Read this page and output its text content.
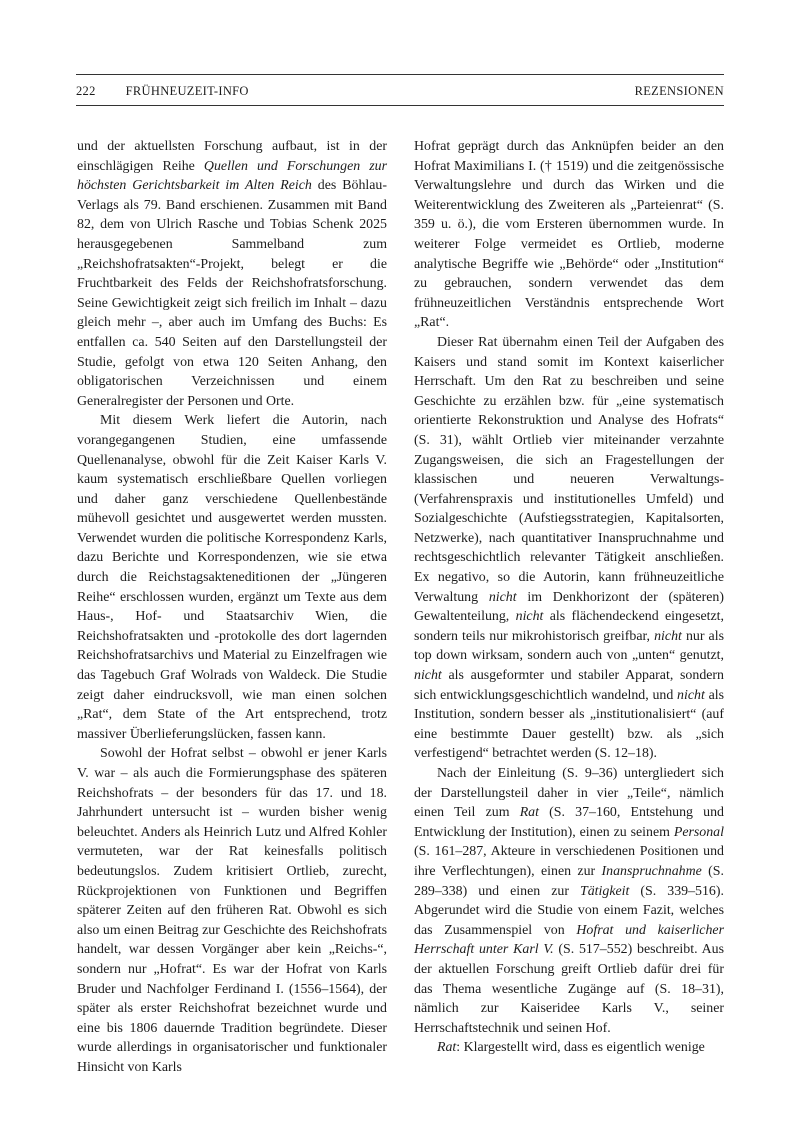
222 FRÜHNEUZEIT-INFO	REZENSIONEN

und der aktuellsten Forschung aufbaut, ist in der einschlägigen Reihe Quellen und Forschungen zur höchsten Gerichtsbarkeit im Alten Reich des Böhlau-Verlags als 79. Band erschienen. Zusammen mit Band 82, dem von Ulrich Rasche und Tobias Schenk 2025 herausgegebenen Sammelband zum „Reichshofratsakten“-Projekt, belegt er die Fruchtbarkeit des Felds der Reichshofratsforschung. Seine Gewichtigkeit zeigt sich freilich im Inhalt – dazu gleich mehr –, aber auch im Umfang des Buchs: Es entfallen ca. 540 Seiten auf den Darstellungsteil der Studie, gefolgt von etwa 120 Seiten Anhang, den obligatorischen Verzeichnissen und einem Generalregister der Personen und Orte.

Mit diesem Werk liefert die Autorin, nach vorangegangenen Studien, eine umfassende Quellenanalyse, obwohl für die Zeit Kaiser Karls V. kaum systematisch erschließbare Quellen vorliegen und daher ganz verschiedene Quellenbestände mühevoll gesichtet und ausgewertet werden mussten. Verwendet wurden die politische Korrespondenz Karls, dazu Berichte und Korrespondenzen, wie sie etwa durch die Reichstagsakteneditionen der „Jüngeren Reihe“ erschlossen wurden, ergänzt um Texte aus dem Haus-, Hof- und Staatsarchiv Wien, die Reichshofratsakten und -protokolle des dort lagernden Reichshofratsarchivs und Material zu Einzelfragen wie das Tagebuch Graf Wolrads von Waldeck. Die Studie zeigt daher eindrucksvoll, wie man einen solchen „Rat“, dem State of the Art entsprechend, trotz massiver Überlieferungslücken, fassen kann.

Sowohl der Hofrat selbst – obwohl er jener Karls V. war – als auch die Formierungsphase des späteren Reichshofrats – der besonders für das 17. und 18. Jahrhundert untersucht ist – wurden bisher wenig beleuchtet. Anders als Heinrich Lutz und Alfred Kohler vermuteten, war der Rat keinesfalls politisch bedeutungslos. Zudem kritisiert Ortlieb, zurecht, Rückprojektionen von Funktionen und Begriffen späterer Zeiten auf den früheren Rat. Obwohl es sich also um einen Beitrag zur Geschichte des Reichshofrats handelt, war dessen Vorgänger aber kein „Reichs-“, sondern nur „Hofrat“. Es war der Hofrat von Karls Bruder und Nachfolger Ferdinand I. (1556–1564), der später als erster Reichshofrat bezeichnet wurde und eine bis 1806 dauernde Tradition begründete. Dieser wurde allerdings in organisatorischer und funktionaler Hinsicht von Karls

Hofrat geprägt durch das Anknüpfen beider an den Hofrat Maximilians I. († 1519) und die zeitgenössische Verwaltungslehre und durch das Wirken und die Weiterentwicklung des Zweiteren als „Parteienrat“ (S. 359 u. ö.), die vom Ersteren übernommen wurde. In weiterer Folge vermeidet es Ortlieb, moderne analytische Begriffe wie „Behörde“ oder „Institution“ zu gebrauchen, sondern verwendet das dem frühneuzeitlichen Verständnis entsprechende Wort „Rat“.

Dieser Rat übernahm einen Teil der Aufgaben des Kaisers und stand somit im Kontext kaiserlicher Herrschaft. Um den Rat zu beschreiben und seine Geschichte zu erzählen bzw. für „eine systematisch orientierte Rekonstruktion und Analyse des Hofrats“ (S. 31), wählt Ortlieb vier miteinander verzahnte Zugangsweisen, die sich an Fragestellungen der klassischen und neueren Verwaltungs- (Verfahrenspraxis und institutionelles Umfeld) und Sozialgeschichte (Aufstiegsstrategien, Kapitalsorten, Netzwerke), nach quantitativer Inanspruchnahme und rechtsgeschichtlich relevanter Tätigkeit anschließen. Ex negativo, so die Autorin, kann frühneuzeitliche Verwaltung nicht im Denkhorizont der (späteren) Gewaltenteilung, nicht als flächendeckend eingesetzt, sondern teils nur mikrohistorisch greifbar, nicht nur als top down wirksam, sondern auch von „unten“ genutzt, nicht als ausgeformter und stabiler Apparat, sondern sich entwicklungsgeschichtlich wandelnd, und nicht als Institution, sondern besser als „institutionalisiert“ (auf eine bestimmte Dauer gestellt) bzw. als „sich verfestigend“ betrachtet werden (S. 12–18).

Nach der Einleitung (S. 9–36) untergliedert sich der Darstellungsteil daher in vier „Teile“, nämlich einen Teil zum Rat (S. 37–160, Entstehung und Entwicklung der Institution), einen zu seinem Personal (S. 161–287, Akteure in verschiedenen Positionen und ihre Verflechtungen), einen zur Inanspruchnahme (S. 289–338) und einen zur Tätigkeit (S. 339–516). Abgerundet wird die Studie von einem Fazit, welches das Zusammenspiel von Hofrat und kaiserlicher Herrschaft unter Karl V. (S. 517–552) beschreibt. Aus der aktuellen Forschung greift Ortlieb dafür drei für das Thema wesentliche Zugänge auf (S. 18–31), nämlich zur Kaiseridee Karls V., seiner Herrschaftstechnik und seinen Hof.

Rat: Klargestellt wird, dass es eigentlich wenige
